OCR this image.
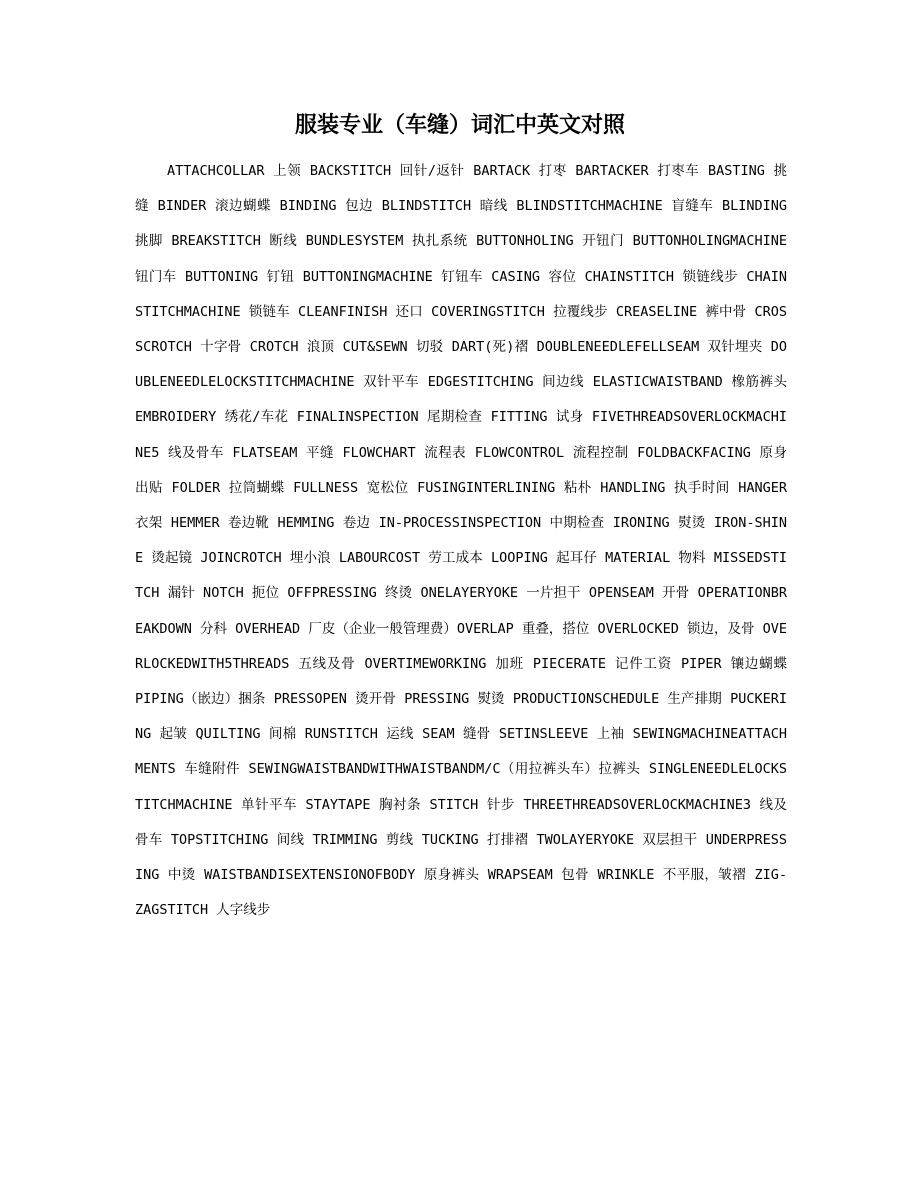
服装专业（车缝）词汇中英文对照

ATTACHCOLLAR 上领 BACKSTITCH 回针/返针 BARTACK 打枣 BARTACKER 打枣车 BASTING 挑缝 BINDER 滚边蝴蝶 BINDING 包边 BLINDSTITCH 暗线 BLINDSTITCHMACHINE 盲缝车 BLINDING 挑脚 BREAKSTITCH 断线 BUNDLESYSTEM 执扎系统 BUTTONHOLING 开钮门 BUTTONHOLINGMACHINE 钮门车 BUTTONING 钉钮 BUTTONINGMACHINE 钉钮车 CASING 容位 CHAINSTITCH 锁链线步 CHAINSTITCHMACHINE 锁链车 CLEANFINISH 还口 COVERINGSTITCH 拉覆线步 CREASELINE 裤中骨 CROSSCROTCH 十字骨 CROTCH 浪顶 CUT&SEWN 切驳 DART(死)褶 DOUBLENEEDLEFELLSEAM 双针埋夹 DOUBLENEEDLELOCKSTITCHMACHINE 双针平车 EDGESTITCHING 间边线 ELASTICWAISTBAND 橡筋裤头 EMBROIDERY 绣花/车花 FINALINSPECTION 尾期检查 FITTING 试身 FIVETHREADSOVERLOCKMACHINE5 线及骨车 FLATSEAM 平缝 FLOWCHART 流程表 FLOWCONTROL 流程控制 FOLDBACKFACING 原身出贴 FOLDER 拉筒蝴蝶 FULLNESS 宽松位 FUSINGINTERLINING 粘朴 HANDLING 执手时间 HANGER 衣架 HEMMER 卷边靴 HEMMING 卷边 IN-PROCESSINSPECTION 中期检查 IRONING 熨烫 IRON-SHINE 烫起镜 JOINCROTCH 埋小浪 LABOURCOST 劳工成本 LOOPING 起耳仔 MATERIAL 物料 MISSEDSTITCH 漏针 NOTCH 扼位 OFFPRESSING 终烫 ONELAYERYOKE 一片担干 OPENSEAM 开骨 OPERATIONBREAKDOWN 分科 OVERHEAD 厂皮（企业一般管理费）OVERLAP 重叠，搭位 OVERLOCKED 锁边，及骨 OVERLOCKEDWITH5THREADS 五线及骨 OVERTIMEWORKING 加班 PIECERATE 记件工资 PIPER 镶边蝴蝶 PIPING（嵌边）捆条 PRESSOPEN 烫开骨 PRESSING 熨烫 PRODUCTIONSCHEDULE 生产排期 PUCKERING 起皱 QUILTING 间棉 RUNSTITCH 运线 SEAM 缝骨 SETINSLEEVE 上袖 SEWINGMACHINEATTACHMENTS 车缝附件 SEWINGWAISTBANDWITHWAISTBANDM/C（用拉裤头车）拉裤头 SINGLENEEDLELOCKSTITCHMACHINE 单针平车 STAYTAPE 胸衬条 STITCH 针步 THREETHREADSOVERLOCKMACHINE3 线及骨车 TOPSTITCHING 间线 TRIMMING 剪线 TUCKING 打排褶 TWOLAYERYOKE 双层担干 UNDERPRESSING 中烫 WAISTBANDISEXTENSIONOFBODY 原身裤头 WRAPSEAM 包骨 WRINKLE 不平服，皱褶 ZIG-ZAGSTITCH 人字线步
